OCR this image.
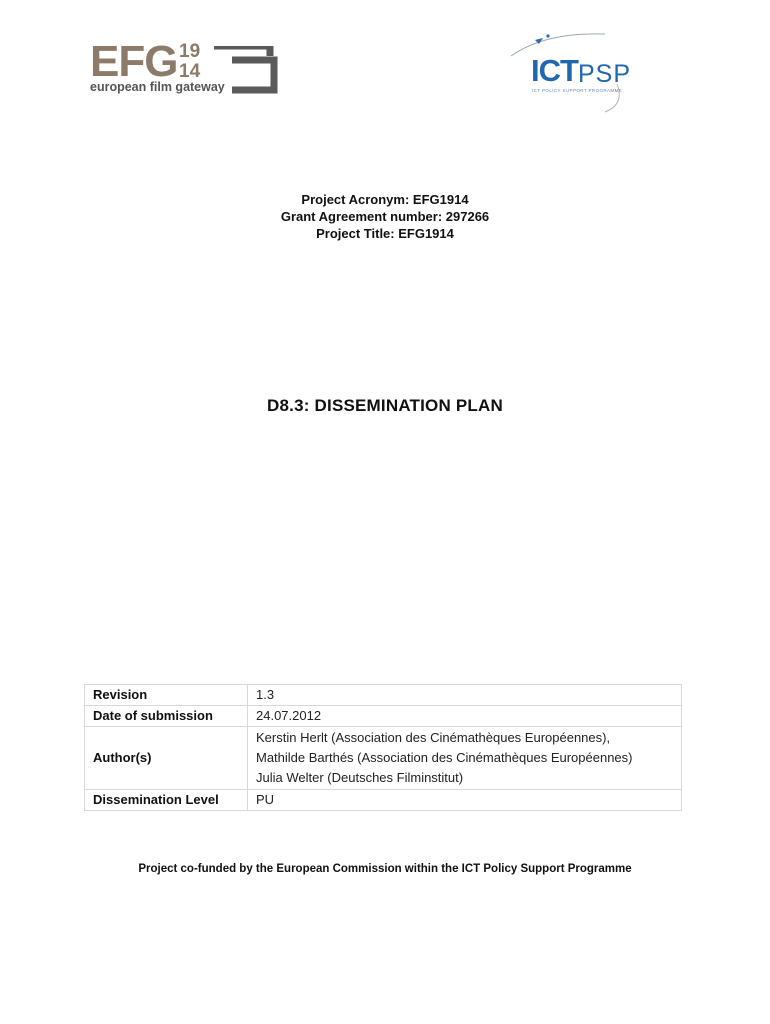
EFG 19
14
european film gateway	ICT PSP
ICT POLICY SUPPORT PROGRAMME
Project Acronym: EFG1914
Grant Agreement number: 297266
Project Title: EFG1914
D8.3: DISSEMINATION PLAN
Revision	1.3
Date of submission	24.07.2012
Author(s)	Kerstin Herlt (Association des Cinémathèques Européennes),
Mathilde Barthés (Association des Cinémathèques Européennes)
Julia Welter (Deutsches Filminstitut)

Dissemination Level	PU
Project co-funded by the European Commission within the ICT Policy Support Programme
